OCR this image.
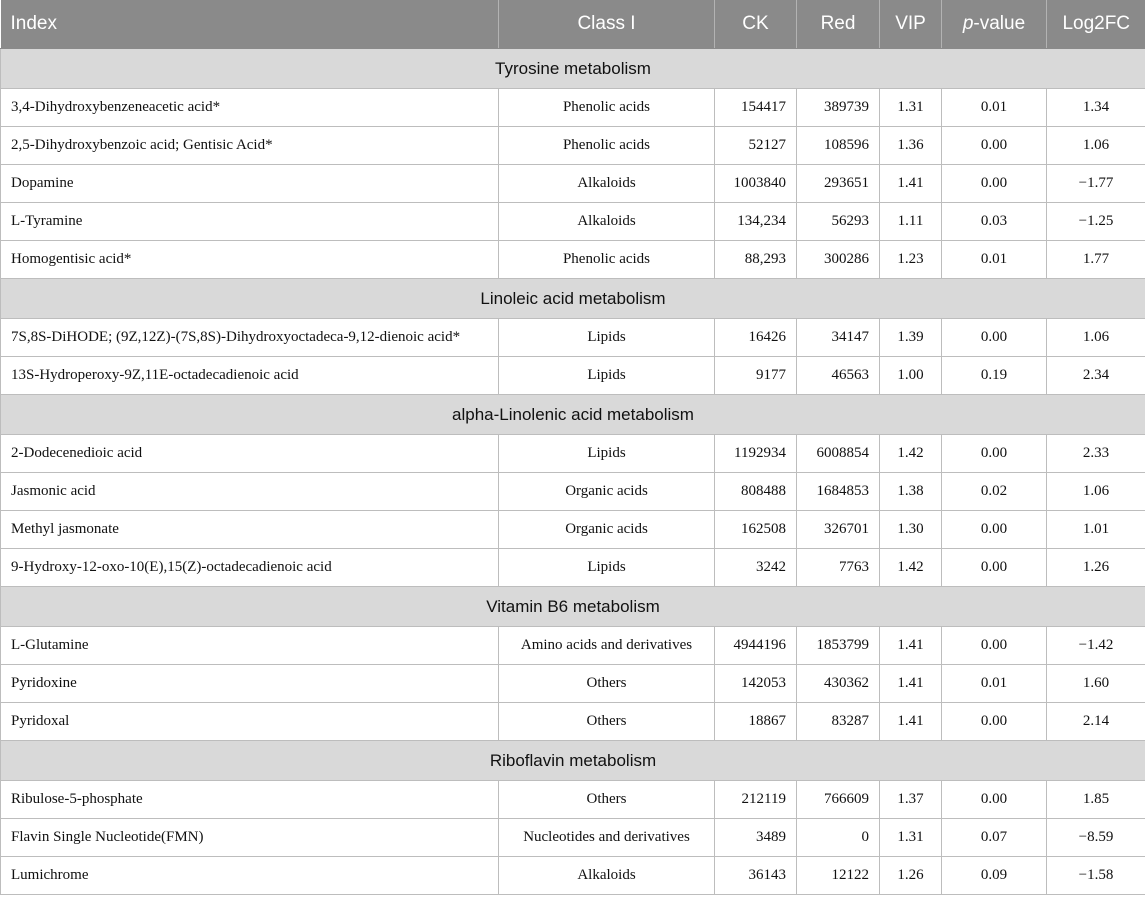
Index	Class I	CK	Red	VIP	p-value	Log2FC
Tyrosine metabolism						
3,4-Dihydroxybenzeneacetic acid*	Phenolic acids	154417	389739	1.31	0.01	1.34
2,5-Dihydroxybenzoic acid; Gentisic Acid*	Phenolic acids	52127	108596	1.36	0.00	1.06
Dopamine	Alkaloids	1003840	293651	1.41	0.00	−1.77
L-Tyramine	Alkaloids	134,234	56293	1.11	0.03	−1.25
Homogentisic acid*	Phenolic acids	88,293	300286	1.23	0.01	1.77
Linoleic acid metabolism						
7S,8S-DiHODE; (9Z,12Z)-(7S,8S)-Dihydroxyoctadeca-9,12-dienoic acid*	Lipids	16426	34147	1.39	0.00	1.06
13S-Hydroperoxy-9Z,11E-octadecadienoic acid	Lipids	9177	46563	1.00	0.19	2.34
alpha-Linolenic acid metabolism						
2-Dodecenedioic acid	Lipids	1192934	6008854	1.42	0.00	2.33
Jasmonic acid	Organic acids	808488	1684853	1.38	0.02	1.06
Methyl jasmonate	Organic acids	162508	326701	1.30	0.00	1.01
9-Hydroxy-12-oxo-10(E),15(Z)-octadecadienoic acid	Lipids	3242	7763	1.42	0.00	1.26
Vitamin B6 metabolism						
L-Glutamine	Amino acids and derivatives	4944196	1853799	1.41	0.00	−1.42
Pyridoxine	Others	142053	430362	1.41	0.01	1.60
Pyridoxal	Others	18867	83287	1.41	0.00	2.14
Riboflavin metabolism						
Ribulose-5-phosphate	Others	212119	766609	1.37	0.00	1.85
Flavin Single Nucleotide(FMN)	Nucleotides and derivatives	3489	0	1.31	0.07	−8.59
Lumichrome	Alkaloids	36143	12122	1.26	0.09	−1.58
